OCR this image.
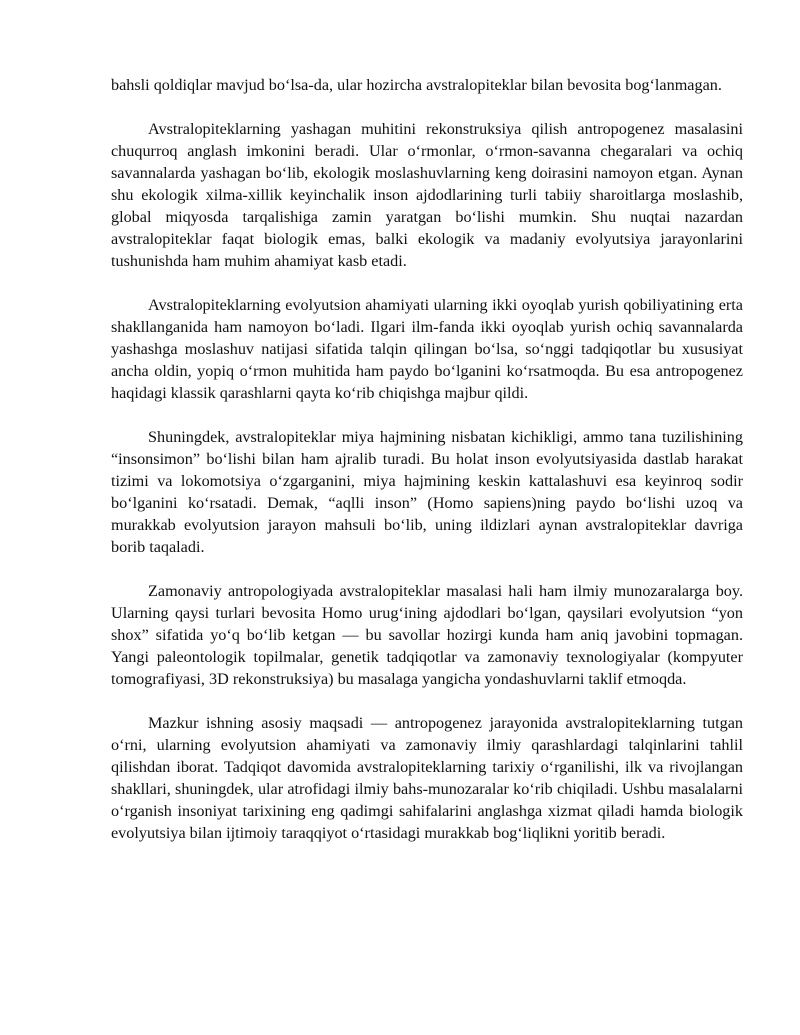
bahsli qoldiqlar mavjud bo‘lsa-da, ular hozircha avstralopiteklar bilan bevosita bog‘lanmagan.

Avstralopiteklarning yashagan muhitini rekonstruksiya qilish antropogenez masalasini chuqurroq anglash imkonini beradi. Ular o‘rmonlar, o‘rmon-savanna chegaralari va ochiq savannalarda yashagan bo‘lib, ekologik moslashuvlarning keng doirasini namoyon etgan. Aynan shu ekologik xilma-xillik keyinchalik inson ajdodlarining turli tabiiy sharoitlarga moslashib, global miqyosda tarqalishiga zamin yaratgan bo‘lishi mumkin. Shu nuqtai nazardan avstralopiteklar faqat biologik emas, balki ekologik va madaniy evolyutsiya jarayonlarini tushunishda ham muhim ahamiyat kasb etadi.

Avstralopiteklarning evolyutsion ahamiyati ularning ikki oyoqlab yurish qobiliyatining erta shakllanganida ham namoyon bo‘ladi. Ilgari ilm-fanda ikki oyoqlab yurish ochiq savannalarda yashashga moslashuv natijasi sifatida talqin qilingan bo‘lsa, so‘nggi tadqiqotlar bu xususiyat ancha oldin, yopiq o‘rmon muhitida ham paydo bo‘lganini ko‘rsatmoqda. Bu esa antropogenez haqidagi klassik qarashlarni qayta ko‘rib chiqishga majbur qildi.

Shuningdek, avstralopiteklar miya hajmining nisbatan kichikligi, ammo tana tuzilishining “insonsimon” bo‘lishi bilan ham ajralib turadi. Bu holat inson evolyutsiyasida dastlab harakat tizimi va lokomotsiya o‘zgarganini, miya hajmining keskin kattalashuvi esa keyinroq sodir bo‘lganini ko‘rsatadi. Demak, “aqlli inson” (Homo sapiens)ning paydo bo‘lishi uzoq va murakkab evolyutsion jarayon mahsuli bo‘lib, uning ildizlari aynan avstralopiteklar davriga borib taqaladi.

Zamonaviy antropologiyada avstralopiteklar masalasi hali ham ilmiy munozaralarga boy. Ularning qaysi turlari bevosita Homo urug‘ining ajdodlari bo‘lgan, qaysilari evolyutsion “yon shox” sifatida yo‘q bo‘lib ketgan — bu savollar hozirgi kunda ham aniq javobini topmagan. Yangi paleontologik topilmalar, genetik tadqiqotlar va zamonaviy texnologiyalar (kompyuter tomografiyasi, 3D rekonstruksiya) bu masalaga yangicha yondashuvlarni taklif etmoqda.

Mazkur ishning asosiy maqsadi — antropogenez jarayonida avstralopiteklarning tutgan o‘rni, ularning evolyutsion ahamiyati va zamonaviy ilmiy qarashlardagi talqinlarini tahlil qilishdan iborat. Tadqiqot davomida avstralopiteklarning tarixiy o‘rganilishi, ilk va rivojlangan shakllari, shuningdek, ular atrofidagi ilmiy bahs-munozaralar ko‘rib chiqiladi. Ushbu masalalarni o‘rganish insoniyat tarixining eng qadimgi sahifalarini anglashga xizmat qiladi hamda biologik evolyutsiya bilan ijtimoiy taraqqiyot o‘rtasidagi murakkab bog‘liqlikni yoritib beradi.
